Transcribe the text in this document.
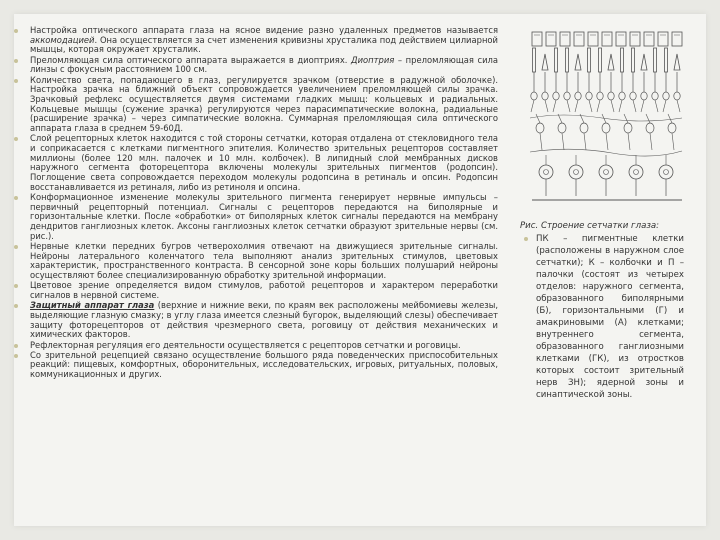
Настройка оптического аппарата глаза на ясное видение разно удаленных предметов называется аккомодацией. Она осуществляется за счет изменения кривизны хрусталика под действием цилиарной мышцы, которая окружает хрусталик.
Преломляющая сила оптического аппарата выражается в диоптриях. Диоптрия – преломляющая сила линзы с фокусным расстоянием 100 см.
Количество света, попадающего в глаз, регулируется зрачком (отверстие в радужной оболочке). Настройка зрачка на ближний объект сопровождается увеличением преломляющей силы зрачка. Зрачковый рефлекс осуществляется двумя системами гладких мышц: кольцевых и радиальных. Кольцевые мышцы (сужение зрачка) регулируются через парасимпатические волокна, радиальные (расширение зрачка) – через симпатические волокна. Суммарная преломляющая сила оптического аппарата глаза в среднем 59-60Д.
Слой рецепторных клеток находится с той стороны сетчатки, которая отдалена от стекловидного тела и соприкасается с клетками пигментного эпителия. Количество зрительных рецепторов составляет миллионы (более 120 млн. палочек и 10 млн. колбочек). В липидный слой мембранных дисков наружного сегмента фоторецептора включены молекулы зрительных пигментов (родопсин). Поглощение света сопровождается переходом молекулы родопсина в ретиналь и опсин. Родопсин восстанавливается из ретиналя, либо из ретиноля и опсина.
Конформационное изменение молекулы зрительного пигмента генерирует нервные импульсы – первичный рецепторный потенциал. Сигналы с рецепторов передаются на биполярные и горизонтальные клетки. После «обработки» от биполярных клеток сигналы передаются на мембрану дендритов ганглиозных клеток. Аксоны ганглиозных клеток сетчатки образуют зрительные нервы (см. рис.).
Нервные клетки передних бугров четверохолмия отвечают на движущиеся зрительные сигналы. Нейроны латерального коленчатого тела выполняют анализ зрительных стимулов, цветовых характеристик, пространственного контраста. В сенсорной зоне коры больших полушарий нейроны осуществляют более специализированную обработку зрительной информации.
Цветовое зрение определяется видом стимулов, работой рецепторов и характером переработки сигналов в нервной системе.
Защитный аппарат глаза (верхние и нижние веки, по краям век расположены мейбомиевы железы, выделяющие глазную смазку; в углу глаза имеется слезный бугорок, выделяющий слезы) обеспечивает защиту фоторецепторов от действия чрезмерного света, роговицу от действия механических и химических факторов.
Рефлекторная регуляция его деятельности осуществляется с рецепторов сетчатки и роговицы.
Со зрительной рецепцией связано осуществление большого ряда поведенческих приспособительных реакций: пищевых, комфортных, оборонительных, исследовательских, игровых, ритуальных, половых, коммуникационных и других.
Рис. Строение сетчатки глаза:
ПК – пигментные клетки (расположены в наружном слое сетчатки); К – колбочки и П – палочки (состоят из четырех отделов: наружного сегмента, образованного биполярными (Б), горизонтальными (Г) и амакриновыми (А) клетками; внутреннего сегмента, образованного ганглиозными клетками (ГК), из отростков которых состоит зрительный нерв ЗН); ядерной зоны и синаптической зоны.
